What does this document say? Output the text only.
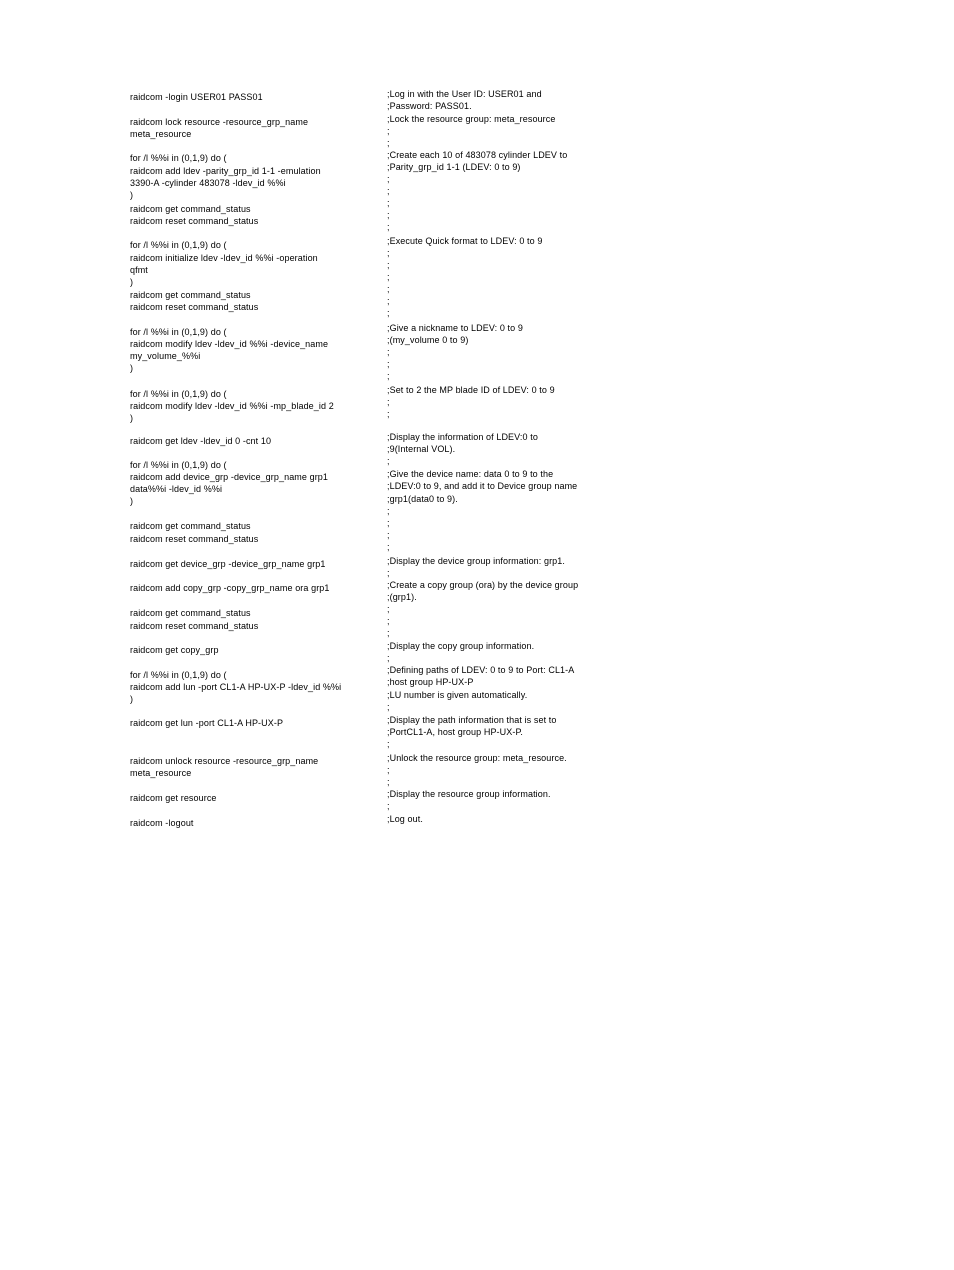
raidcom -login USER01 PASS01
raidcom lock resource -resource_grp_name
meta_resource
for /l %%i in (0,1,9) do (
raidcom add ldev -parity_grp_id 1-1 -emulation
3390-A -cylinder 483078 -ldev_id %%i
)
raidcom get command_status
raidcom reset command_status
for /l %%i in (0,1,9) do (
raidcom initialize ldev -ldev_id %%i -operation
qfmt
)
raidcom get command_status
raidcom reset command_status
for /l %%i in (0,1,9) do (
raidcom modify ldev -ldev_id %%i -device_name
my_volume_%%i
)
for /l %%i in (0,1,9) do (
raidcom modify ldev -ldev_id %%i -mp_blade_id 2
)
raidcom get ldev -ldev_id 0 -cnt 10
for /l %%i in (0,1,9) do (
raidcom add device_grp -device_grp_name grp1
data%%i -ldev_id %%i
)
raidcom get command_status
raidcom reset command_status
raidcom get device_grp -device_grp_name grp1
raidcom add copy_grp -copy_grp_name ora grp1
raidcom get command_status
raidcom reset command_status
raidcom get copy_grp
for /l %%i in (0,1,9) do (
raidcom add lun -port CL1-A HP-UX-P -ldev_id %%i
)
raidcom get lun -port CL1-A HP-UX-P
raidcom unlock resource -resource_grp_name
meta_resource
raidcom get resource
raidcom -logout
;Log in with the User ID: USER01 and
;Password: PASS01.
;Lock the resource group: meta_resource
;
;
;Create each 10 of 483078 cylinder LDEV to
;Parity_grp_id 1-1 (LDEV: 0 to 9)
;
;
;
;
;
;Execute Quick format to LDEV: 0 to 9
;
;
;
;
;
;
;Give a nickname to LDEV: 0 to 9
;(my_volume 0 to 9)
;
;
;
;Set to 2 the MP blade ID of LDEV: 0 to 9
;
;
;Display the information of LDEV:0 to
;9(Internal VOL).
;
;Give the device name: data 0 to 9 to the
;LDEV:0 to 9, and add it to Device group name
;grp1(data0 to 9).
;
;
;
;
;Display the device group information: grp1.
;
;Create a copy group (ora) by the device group
;(grp1).
;
;
;
;Display the copy group information.
;
;Defining paths of LDEV: 0 to 9 to Port: CL1-A
;host group HP-UX-P
;LU number is given automatically.
;
;Display the path information that is set to
;PortCL1-A, host group HP-UX-P.
;
;Unlock the resource group: meta_resource.
;
;
;Display the resource group information.
;
;Log out.
